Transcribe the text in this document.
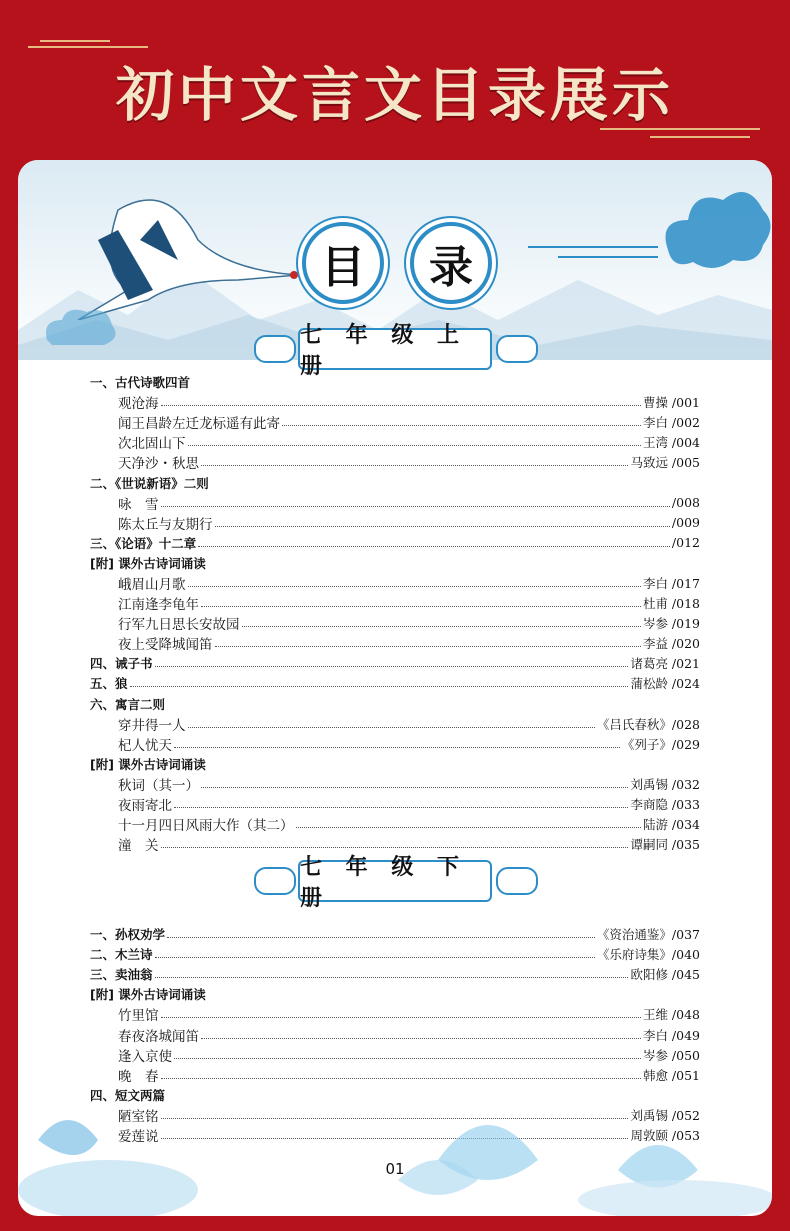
初中文言文目录展示
目	录
七 年 级 上 册
一、古代诗歌四首
观沧海	曹操 /001
闻王昌龄左迁龙标遥有此寄	李白 /002
次北固山下	王湾 /004
天净沙・秋思	马致远 /005
二、《世说新语》二则
咏　雪	/008
陈太丘与友期行	/009
三、《论语》十二章	/012
[附] 课外古诗词诵读
峨眉山月歌	李白 /017
江南逢李龟年	杜甫 /018
行军九日思长安故园	岑参 /019
夜上受降城闻笛	李益 /020
四、诫子书	诸葛亮 /021
五、狼	蒲松龄 /024
六、寓言二则
穿井得一人	《吕氏春秋》/028
杞人忧天	《列子》/029
[附] 课外古诗词诵读
秋词（其一）	刘禹锡 /032
夜雨寄北	李商隐 /033
十一月四日风雨大作（其二）	陆游 /034
潼　关	谭嗣同 /035
七 年 级 下 册
一、孙权劝学	《资治通鉴》/037
二、木兰诗	《乐府诗集》/040
三、卖油翁	欧阳修 /045
[附] 课外古诗词诵读
竹里馆	王维 /048
春夜洛城闻笛	李白 /049
逢入京使	岑参 /050
晚　春	韩愈 /051
四、短文两篇
陋室铭	刘禹锡 /052
爱莲说	周敦颐 /053
01
